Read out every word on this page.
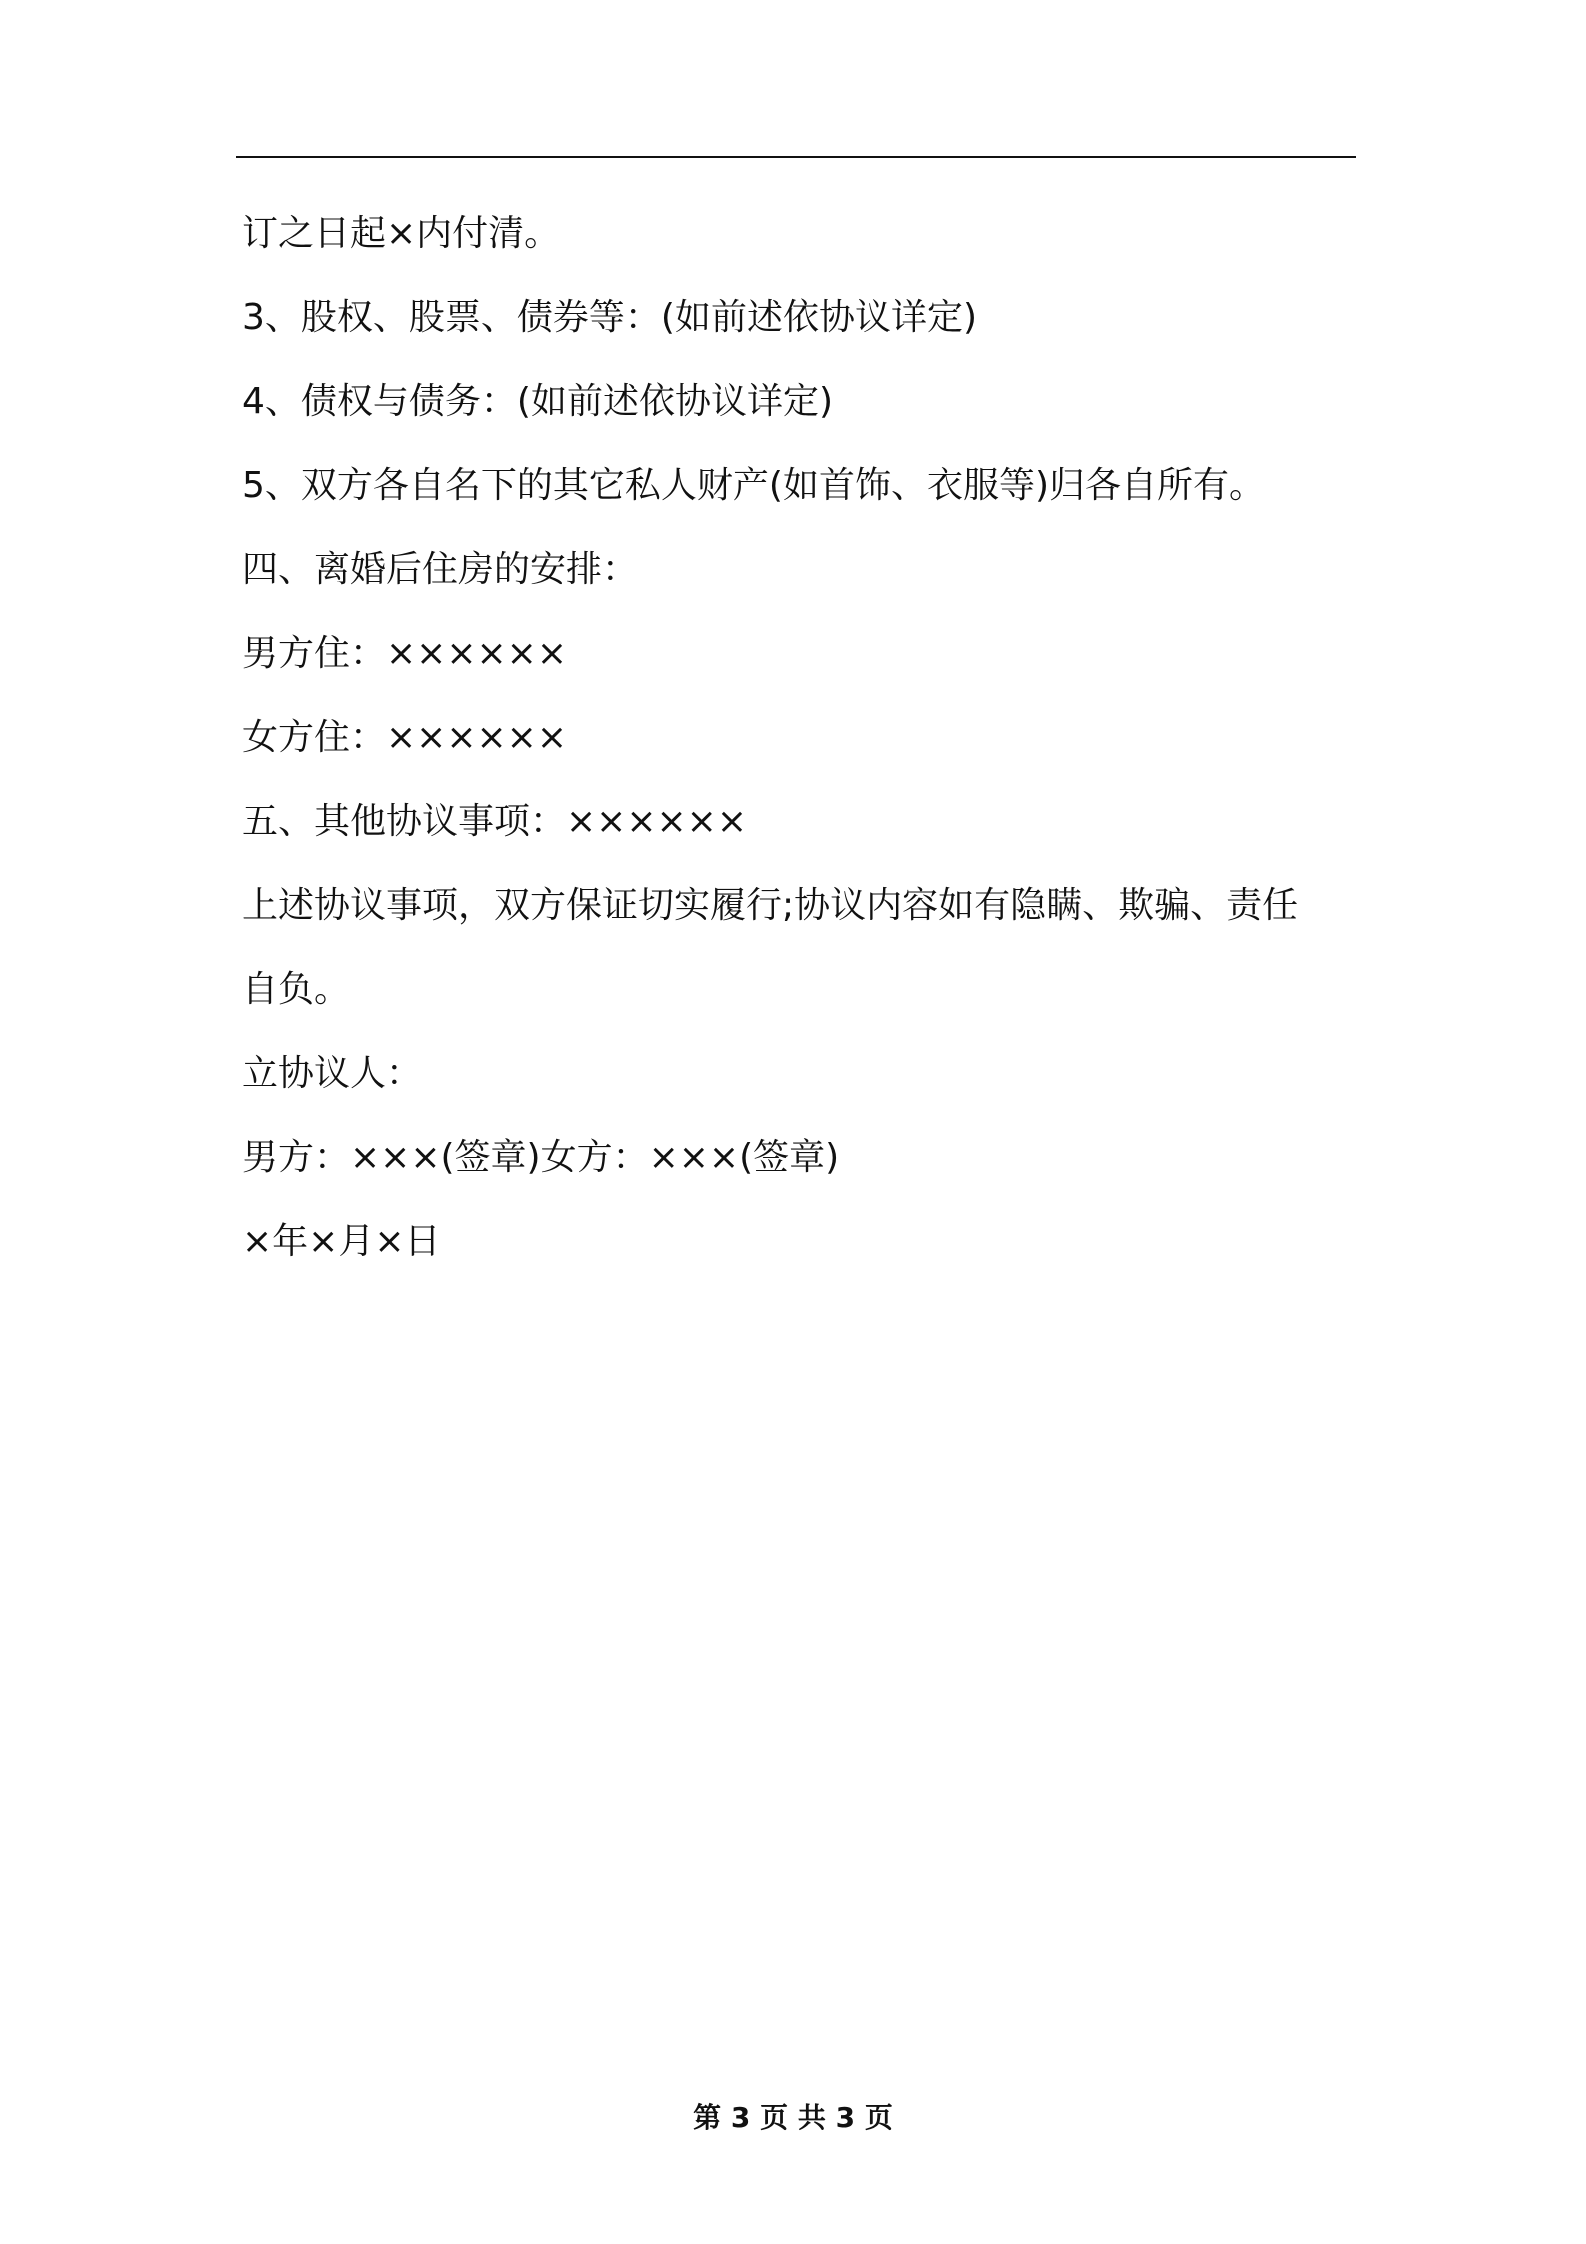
订之日起×内付清。
3、股权、股票、债券等：(如前述依协议详定)
4、债权与债务：(如前述依协议详定)
5、双方各自名下的其它私人财产(如首饰、衣服等)归各自所有。
四、离婚后住房的安排：
男方住：××××××
女方住：××××××
五、其他协议事项：××××××
上述协议事项，双方保证切实履行;协议内容如有隐瞒、欺骗、责任
自负。
立协议人：
男方：×××(签章)女方：×××(签章)
×年×月×日
第 3 页 共 3 页
